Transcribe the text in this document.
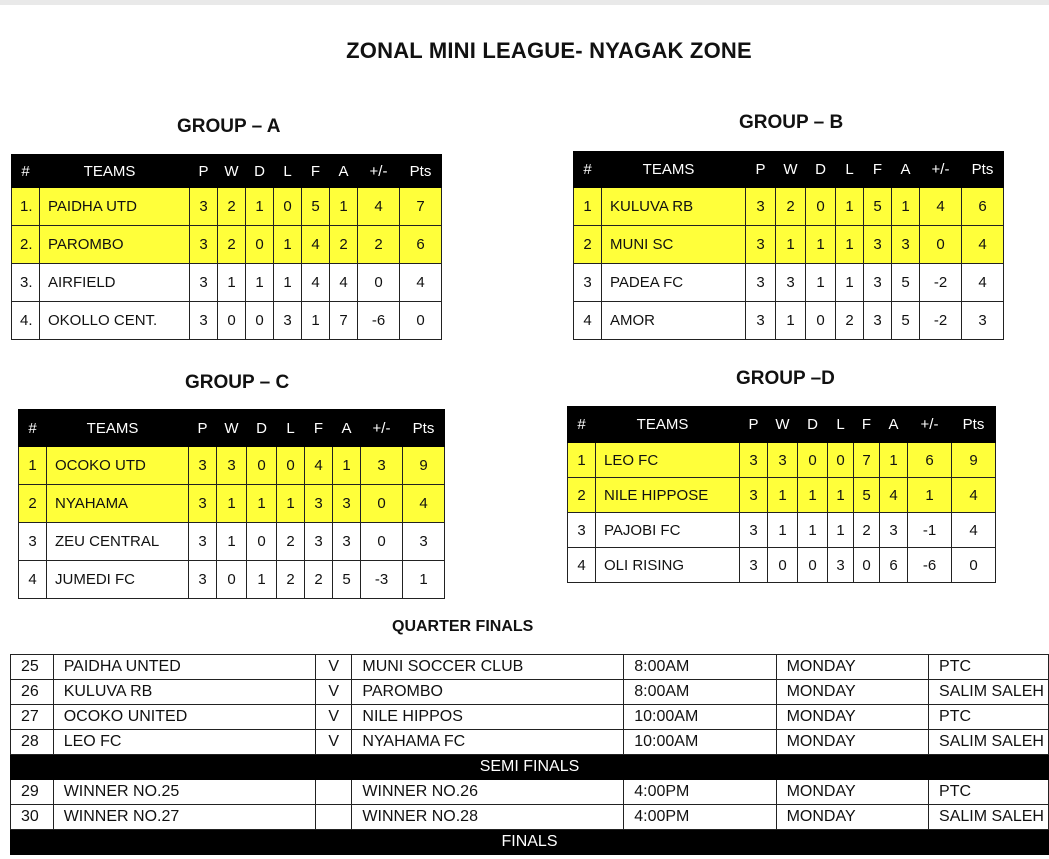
ZONAL MINI LEAGUE- NYAGAK ZONE
GROUP – A	GROUP – B
GROUP – C	GROUP –D
#	TEAMS	P	W	D	L	F	A	+/-	Pts
1.	PAIDHA UTD	3	2	1	0	5	1	4	7
2.	PAROMBO	3	2	0	1	4	2	2	6
3.	AIRFIELD	3	1	1	1	4	4	0	4
4.	OKOLLO CENT.	3	0	0	3	1	7	-6	0
#	TEAMS	P	W	D	L	F	A	+/-	Pts
1	KULUVA RB	3	2	0	1	5	1	4	6
2	MUNI SC	3	1	1	1	3	3	0	4
3	PADEA FC	3	3	1	1	3	5	-2	4
4	AMOR	3	1	0	2	3	5	-2	3
#	TEAMS	P	W	D	L	F	A	+/-	Pts
1	OCOKO UTD	3	3	0	0	4	1	3	9
2	NYAHAMA	3	1	1	1	3	3	0	4
3	ZEU CENTRAL	3	1	0	2	3	3	0	3
4	JUMEDI FC	3	0	1	2	2	5	-3	1
#	TEAMS	P	W	D	L	F	A	+/-	Pts
1	LEO FC	3	3	0	0	7	1	6	9
2	NILE HIPPOSE	3	1	1	1	5	4	1	4
3	PAJOBI FC	3	1	1	1	2	3	-1	4
4	OLI RISING	3	0	0	3	0	6	-6	0
QUARTER FINALS
25	PAIDHA UNTED	V	MUNI SOCCER CLUB	8:00AM	MONDAY	PTC
26	KULUVA RB	V	PAROMBO	8:00AM	MONDAY	SALIM SALEH
27	OCOKO UNITED	V	NILE HIPPOS	10:00AM	MONDAY	PTC
28	LEO FC	V	NYAHAMA FC	10:00AM	MONDAY	SALIM SALEH
SEMI FINALS						
29	WINNER NO.25		WINNER NO.26	4:00PM	MONDAY	PTC
30	WINNER NO.27		WINNER NO.28	4:00PM	MONDAY	SALIM SALEH
FINALS						
